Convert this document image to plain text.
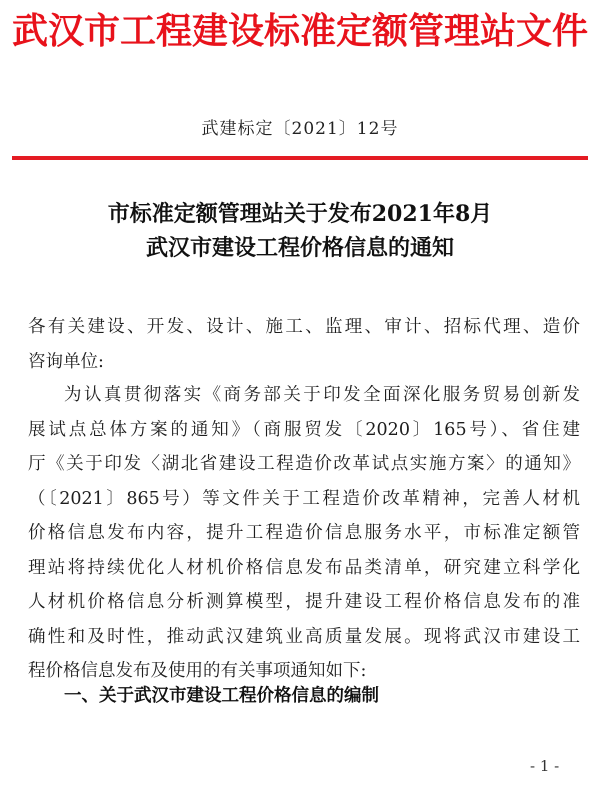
武汉市工程建设标准定额管理站文件
武建标定〔2021〕12号
市标准定额管理站关于发布2021年8月
武汉市建设工程价格信息的通知
各有关建设、开发、设计、施工、监理、审计、招标代理、造价
咨询单位:
为认真贯彻落实《商务部关于印发全面深化服务贸易创新发
展试点总体方案的通知》（商服贸发〔2020〕165号）、省住建
厅《关于印发〈湖北省建设工程造价改革试点实施方案〉的通知》
（〔2021〕865号）等文件关于工程造价改革精神，完善人材机
价格信息发布内容，提升工程造价信息服务水平，市标准定额管
理站将持续优化人材机价格信息发布品类清单，研究建立科学化
人材机价格信息分析测算模型，提升建设工程价格信息发布的准
确性和及时性，推动武汉建筑业高质量发展。现将武汉市建设工
程价格信息发布及使用的有关事项通知如下:
一、关于武汉市建设工程价格信息的编制
- 1 -
